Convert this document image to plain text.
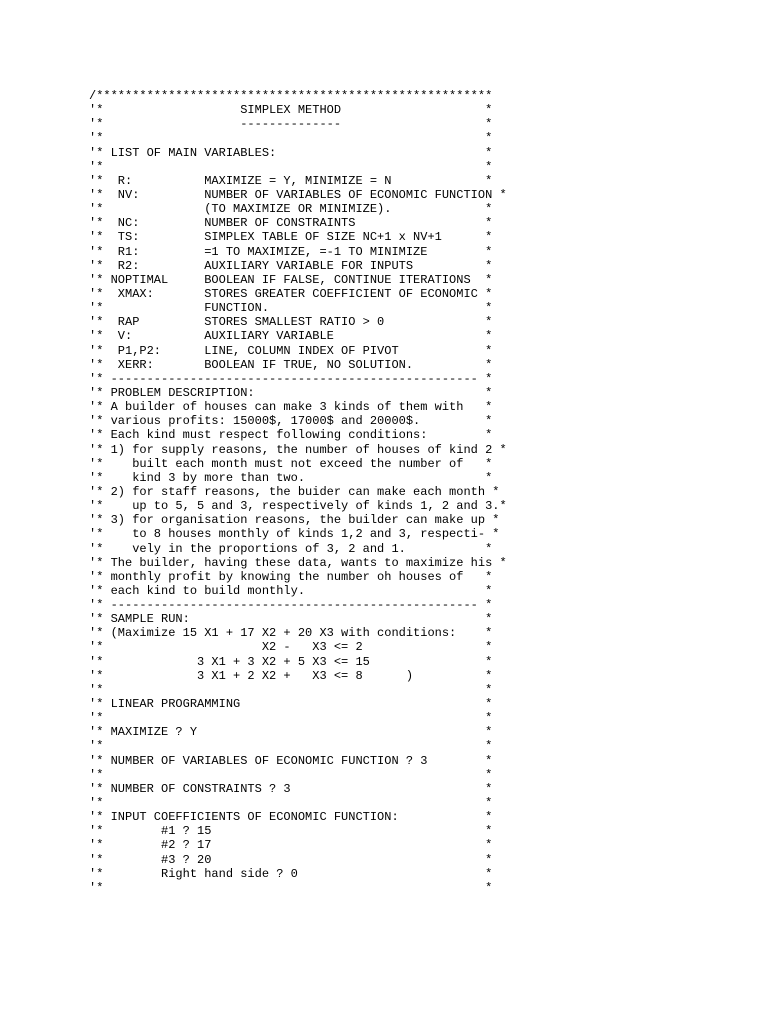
/*******************************************************
'*                   SIMPLEX METHOD                    *
'*                   --------------                    *
'*                                                     *
'* LIST OF MAIN VARIABLES:                             *
'*                                                     *
'*  R:          MAXIMIZE = Y, MINIMIZE = N             *
'*  NV:         NUMBER OF VARIABLES OF ECONOMIC FUNCTION *
'*              (TO MAXIMIZE OR MINIMIZE).             *
'*  NC:         NUMBER OF CONSTRAINTS                  *
'*  TS:         SIMPLEX TABLE OF SIZE NC+1 x NV+1      *
'*  R1:         =1 TO MAXIMIZE, =-1 TO MINIMIZE        *
'*  R2:         AUXILIARY VARIABLE FOR INPUTS          *
'* NOPTIMAL     BOOLEAN IF FALSE, CONTINUE ITERATIONS  *
'*  XMAX:       STORES GREATER COEFFICIENT OF ECONOMIC *
'*              FUNCTION.                              *
'*  RAP         STORES SMALLEST RATIO > 0              *
'*  V:          AUXILIARY VARIABLE                     *
'*  P1,P2:      LINE, COLUMN INDEX OF PIVOT            *
'*  XERR:       BOOLEAN IF TRUE, NO SOLUTION.          *
'* --------------------------------------------------- *
'* PROBLEM DESCRIPTION:                                *
'* A builder of houses can make 3 kinds of them with   *
'* various profits: 15000$, 17000$ and 20000$.         *
'* Each kind must respect following conditions:        *
'* 1) for supply reasons, the number of houses of kind 2 *
'*    built each month must not exceed the number of   *
'*    kind 3 by more than two.                         *
'* 2) for staff reasons, the buider can make each month *
'*    up to 5, 5 and 3, respectively of kinds 1, 2 and 3.*
'* 3) for organisation reasons, the builder can make up *
'*    to 8 houses monthly of kinds 1,2 and 3, respecti- *
'*    vely in the proportions of 3, 2 and 1.           *
'* The builder, having these data, wants to maximize his *
'* monthly profit by knowing the number oh houses of   *
'* each kind to build monthly.                         *
'* --------------------------------------------------- *
'* SAMPLE RUN:                                         *
'* (Maximize 15 X1 + 17 X2 + 20 X3 with conditions:    *
'*                      X2 -   X3 <= 2                 *
'*             3 X1 + 3 X2 + 5 X3 <= 15                *
'*             3 X1 + 2 X2 +   X3 <= 8      )          *
'*                                                     *
'* LINEAR PROGRAMMING                                  *
'*                                                     *
'* MAXIMIZE ? Y                                        *
'*                                                     *
'* NUMBER OF VARIABLES OF ECONOMIC FUNCTION ? 3        *
'*                                                     *
'* NUMBER OF CONSTRAINTS ? 3                           *
'*                                                     *
'* INPUT COEFFICIENTS OF ECONOMIC FUNCTION:            *
'*        #1 ? 15                                      *
'*        #2 ? 17                                      *
'*        #3 ? 20                                      *
'*        Right hand side ? 0                          *
'*                                                     *
